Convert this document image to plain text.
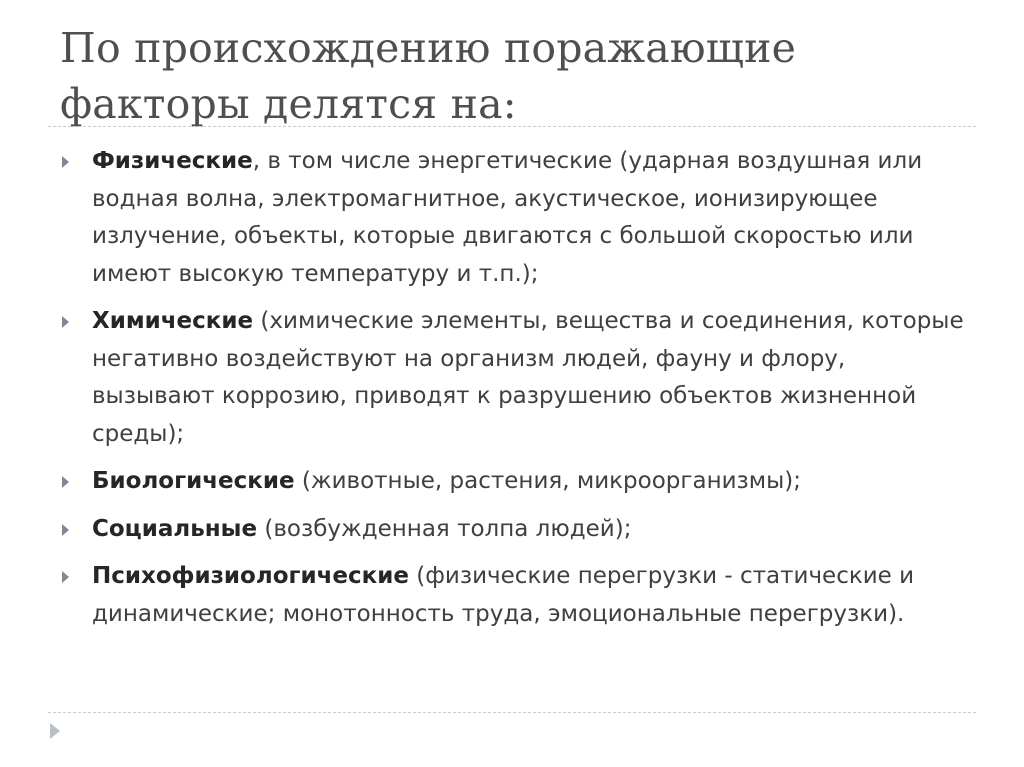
По происхождению поражающие факторы делятся на:
Физические, в том числе энергетические (ударная воздушная или водная волна, электромагнитное, акустическое, ионизирующее излучение, объекты, которые двигаются с большой скоростью или имеют высокую температуру и т.п.);
Химические (химические элементы, вещества и соединения, которые негативно воздействуют на организм людей, фауну и флору, вызывают коррозию, приводят к разрушению объектов жизненной среды);
Биологические (животные, растения, микроорганизмы);
Социальные (возбужденная толпа людей);
Психофизиологические (физические перегрузки - статические и динамические; монотонность труда, эмоциональные перегрузки).
